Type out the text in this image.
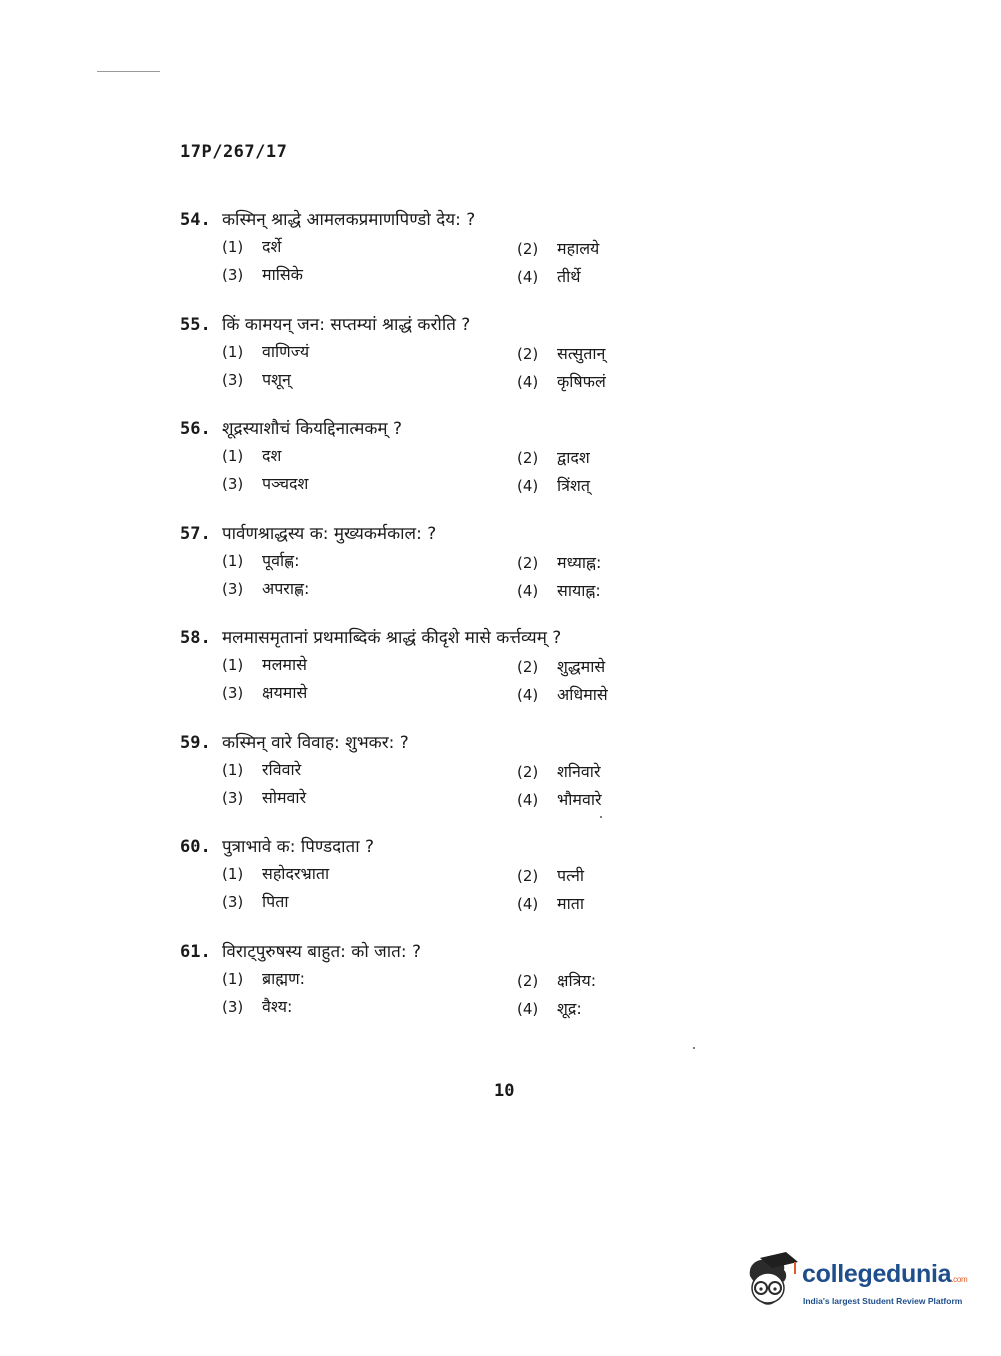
17P/267/17
54. कस्मिन् श्राद्धे आमलकप्रमाणपिण्डो देय: ?
(1) दर्शे	(2) महालये
(3) मासिके	(4) तीर्थे
55. किं कामयन् जन: सप्तम्यां श्राद्धं करोति ?
(1) वाणिज्यं	(2) सत्सुतान्
(3) पशून्	(4) कृषिफलं
56. शूद्रस्याशौचं कियद्दिनात्मकम् ?
(1) दश	(2) द्वादश
(3) पञ्चदश	(4) त्रिंशत्
57. पार्वणश्राद्धस्य क: मुख्यकर्मकाल: ?
(1) पूर्वाह्ण:	(2) मध्याह्न:
(3) अपराह्ण:	(4) सायाह्न:
58. मलमासमृतानां प्रथमाब्दिकं श्राद्धं कीदृशे मासे कर्त्तव्यम् ?
(1) मलमासे	(2) शुद्धमासे
(3) क्षयमासे	(4) अधिमासे
59. कस्मिन् वारे विवाह: शुभकर: ?
(1) रविवारे	(2) शनिवारे
(3) सोमवारे	(4) भौमवारे
60. पुत्राभावे क: पिण्डदाता ?
(1) सहोदरभ्राता	(2) पत्नी
(3) पिता	(4) माता
61. विराट्पुरुषस्य बाहुत: को जात: ?
(1) ब्राह्मण:	(2) क्षत्रिय:
(3) वैश्य:	(4) शूद्र:
10
collegedunia.com
India's largest Student Review Platform
